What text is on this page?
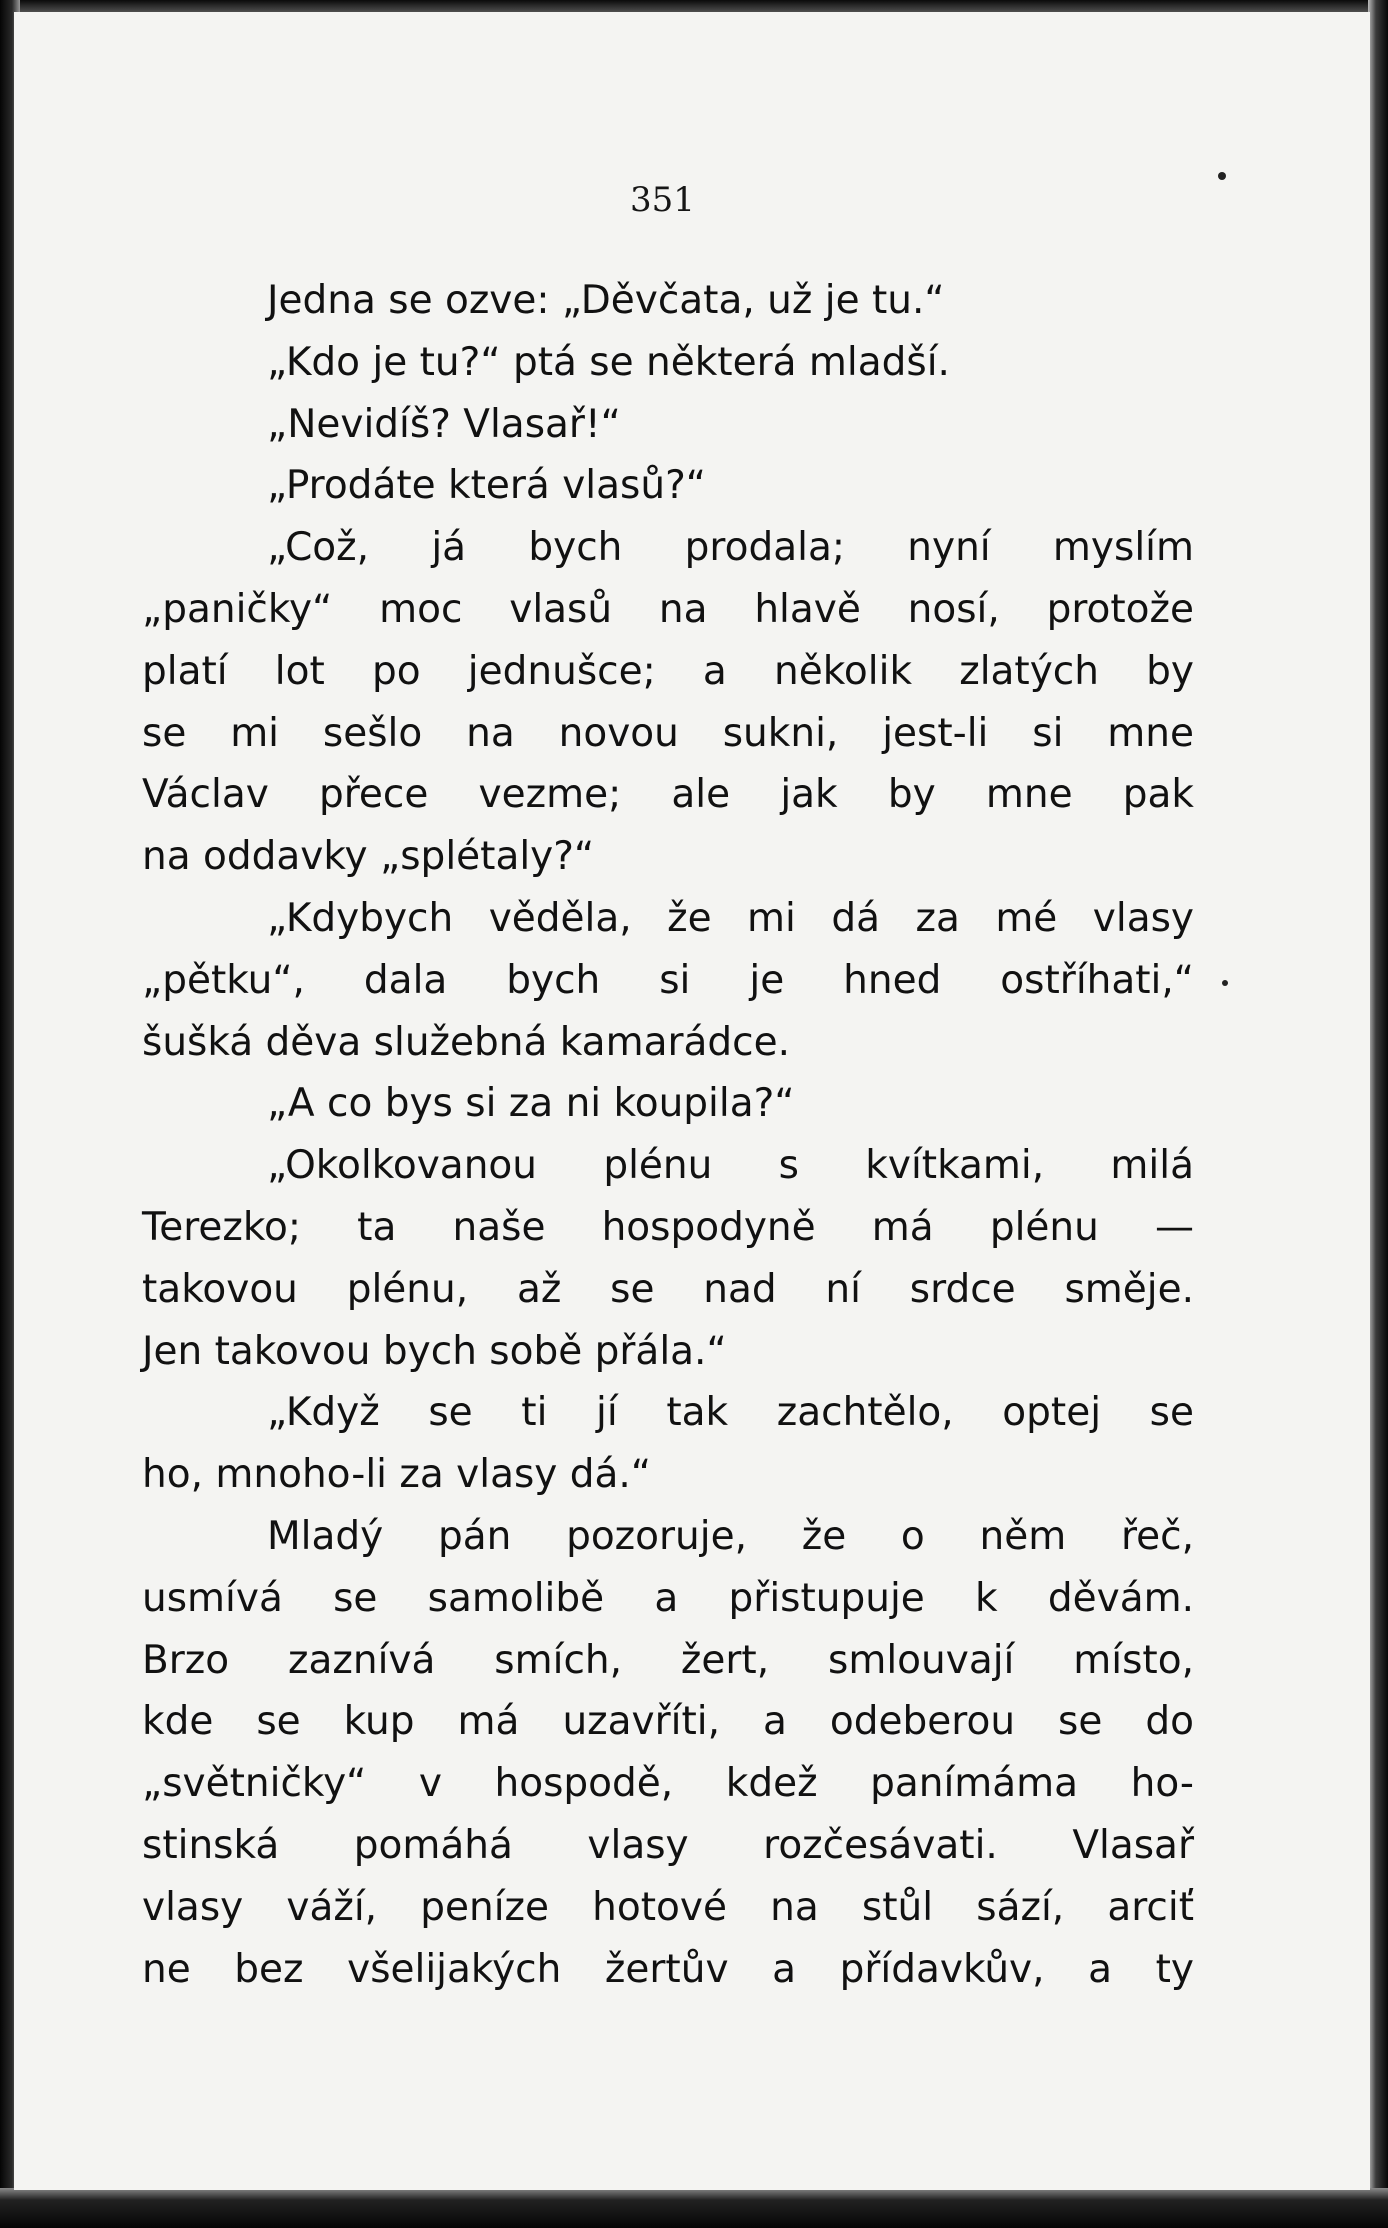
351
Jedna se ozve: „Děvčata, už je tu.“
„Kdo je tu?“ ptá se některá mladší.
„Nevidíš? Vlasař!“
„Prodáte která vlasů?“
„Což, já bych prodala; nyní myslím
„paničky“ moc vlasů na hlavě nosí, protože
platí lot po jednušce; a několik zlatých by
se mi sešlo na novou sukni, jest-li si mne
Václav přece vezme; ale jak by mne pak
na oddavky „splétaly?“
„Kdybych věděla, že mi dá za mé vlasy
„pětku“, dala bych si je hned ostříhati,“
šušká děva služebná kamarádce.
„A co bys si za ni koupila?“
„Okolkovanou plénu s kvítkami, milá
Terezko; ta naše hospodyně má plénu —
takovou plénu, až se nad ní srdce směje.
Jen takovou bych sobě přála.“
„Když se ti jí tak zachtělo, optej se
ho, mnoho-li za vlasy dá.“
Mladý pán pozoruje, že o něm řeč,
usmívá se samolibě a přistupuje k děvám.
Brzo zaznívá smích, žert, smlouvají místo,
kde se kup má uzavříti, a odeberou se do
„světničky“ v hospodě, kdež panímáma ho-
stinská pomáhá vlasy rozčesávati. Vlasař
vlasy váží, peníze hotové na stůl sází, arciť
ne bez všelijakých žertův a přídavkův, a ty
